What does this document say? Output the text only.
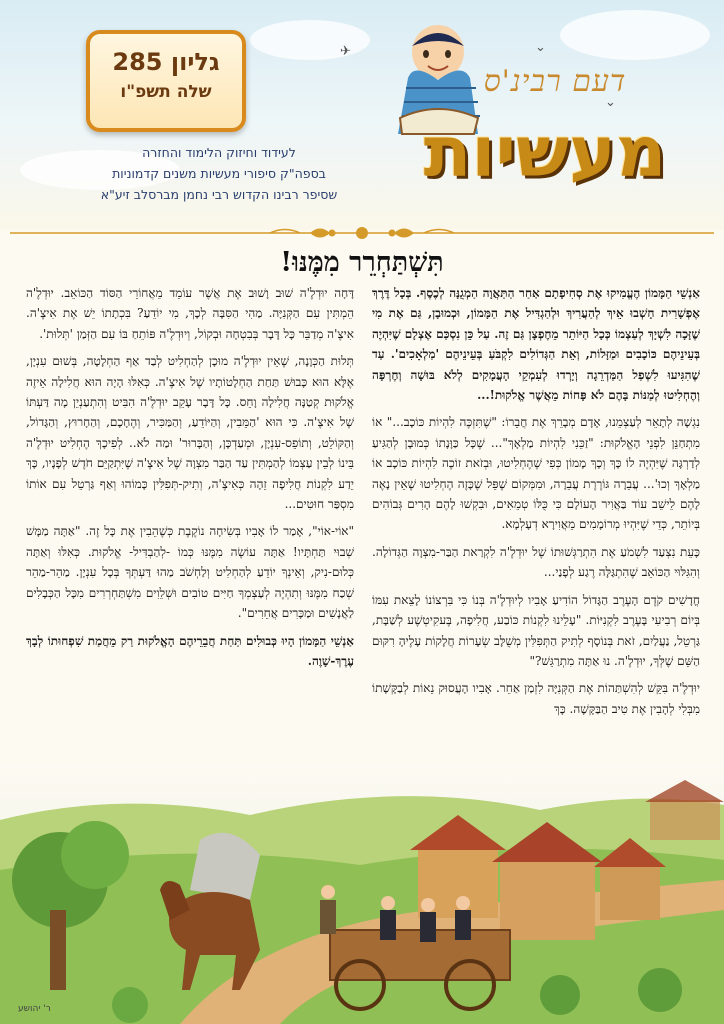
✈	⌄
⌄
גליון 285
שלה תשפ"ו	דעם רבינ'ס
מעשיות
לעידוד וחיזוק הלימוד והחזרה
בספה"ק סיפורי מעשיות משנים קדמוניות
שסיפר רבינו הקדוש רבי נחמן מברסלב זיע"א
תִּשְׁתַּחְרֵר מִמֶּנּוּ!

אַנְשֵׁי הַמָּמוֹן הֶעֱמִיקוּ אֶת סְחִיפָתָם אַחַר הַתַּאֲוָה הַמְגֻנָּה לְכֶסֶף. בְּכָל דֶּרֶךְ אֶפְשָׁרִית חָשְׁבוּ אֵיךְ לְהַעֲרִיךְ וּלְהַגְדִּיל אֶת הַמָּמוֹן, וּכְמוּבָן, גַּם אֶת מִי שֶׁזָּכָה לִשְׁיָךְ לְעַצְמוֹ כְּכָל הַיּוֹתֵר מֵחֶפְצָן גַּם זֶה. עַל כֵּן נִסְכַּם אֶצְלָם שֶׁיִּהְיֶה בְּעֵינֵיהֶם כּוֹכָבִים וּמַזָּלוֹת, וְאֵת הַגְּדוֹלִים לִקְבֹּעַ בְּעֵינֵיהֶם 'מַלְאָכִים'. עַד שֶׁהִגִּיעוּ לִשְׁפַל הַמַּדְרֵגָה וְיָרְדוּ לְעִמְקֵי הָעֲמָקִים לְלֹא בּוּשָׁה וְחֶרְפָּה וְהֶחְלִיטוּ לְמַנּוֹת בָּהֶם לֹא פָּחוֹת מֵאֲשֶׁר אֱלֹקוּת!...

נִגְשָׁה לְתָאֵר לְעַצְמֵנוּ, אָדָם מְבָרֵךְ אֶת חֲבֵרוֹ: "שֶׁתִּזְכֶּה לִהְיוֹת כּוֹכָב..." אוֹ מִתְחַנֵּן לִפְנֵי הָאֱלֹקוּת: "זַכֵּנִי לִהְיוֹת מַלְאָךְ"... שֶׁכָּל כַּוָּנָתוֹ כְּמוּבָן לְהַגִּיעַ לְדַרְגָּה שֶׁיִּהְיֶה לוֹ כָּךְ וְכָךְ מָמוֹן כְּפִי שֶׁהֶחְלִיטוּ, וּבְזֹאת זוֹכֶה לִהְיוֹת כּוֹכָב אוֹ מַלְאָךְ וְכוּ'... עֲבֵרָה גּוֹרֶרֶת עֲבֵרָה, וּמִמְּקוֹם שֶׁפֵּל שֶׁכָּזֶה הֶחְלִיטוּ שֶׁאֵין נָאֶה לָהֶם לֵישֵׁב עוֹד בַּאֲוִיר הָעוֹלָם כִּי כֻּלּוֹ טְמֵאִים, וּבִקְשׁוּ לָהֶם הָרִים גְּבוֹהִים בְּיוֹתֵר, כְּדֵי שֶׁיִּהְיוּ מְרוֹמָמִים מֵאֲוִירָא דְעָלְמָא.

כָּעֵת נִצְעַד לִשְׁמֹעַ אֶת הִתְרַגְּשׁוּתוֹ שֶׁל יוּדְלֶ'ה לִקְרַאת הַבַּר-מִצְוָה הַגְּדוֹלָה. וְהִגִּלּוּי הַכּוֹאֵב שֶׁהִתְגַּלָּה רֶגַע לְפָנַי...

חֳדָשִׁים קֹדֶם הָעֶרֶב הַגָּדוֹל הוֹדִיעַ אָבִיו לְיוּדְלֶ'ה בְּנוֹ כִּי בִּרְצוֹנוֹ לָצֵאת עִמּוֹ בְּיוֹם רְבִיעִי בָּעֶרֶב לִקְנִיּוֹת. "עָלֵינוּ לִקְנוֹת כּוֹבַע, חֲלִיפָה, בֶּעקִיטְשֶׁע לְשַׁבָּת, גַּרְטֵל, נַעֲלַיִם, זֹאת בְּנוֹסָף לְתִיק הַתְּפִלִּין מְשֻׁלָּב שְׂעָרוֹת חֲלָקוֹת עָלֶיהָ רִקּוּם הַשֵּׁם שֶׁלְּךָ, יוּדְלֶ'ה. נוּ אַתָּה מִתְרַגֵּשׁ?"

יוּדְלֶ'ה בִּקֵּשׁ לְהִשְׁתַּהוֹת אֶת הַקְּנִיָּה לִזְמַן אַחֵר. אָבִיו הָעֲסוּק נֵאוֹת לְבַקָּשָׁתוֹ מִבְּלִי לְהָבִין אֶת טִיב הַבַּקָּשָׁה. כָּךְ

דָּחָה יוּדְלֶ'ה שׁוּב וָשׁוּב אֶת אֲשֶׁר עוֹמֵד מֵאֲחוֹרֵי הַסּוֹד הַכּוֹאֵב. יוּדְלֶ'ה הֵמְתִּין עִם הַקְּנִיָּה. מַהִי הַסִּבָּה לְכָךְ, מִי יוֹדֵעַ? בִּכְתָתוֹ יֵשׁ אֶת אִיצֶ'ה. אִיצֶ'ה מְדַבֵּר כָּל דָּבָר בְּבִטְחָה וּבְקוֹל, וְיוּדְלֶ'ה פּוֹתֵחַ בּוֹ עִם הַזְּמַן 'תְּלוּת'.

תְּלוּת הַכְּוָנָה, שֶׁאֵין יוּדְלֶ'ה מוּכָן לְהַחְלִיט לְבַד אַף הַחְלָטָה, בְּשׁוּם עִנְיָן, אֶלָּא הוּא כָּבוּשׁ תַּחַת הַחְלָטוֹתָיו שֶׁל אִיצֶ'ה. כְּאִלּוּ הָיָה הוּא חֲלִילָה אֵיזֶה אֱלֹקוּת קְטַנָּה חֲלִילָה וָחֵס. כָּל דָּבָר עָקֵב יוּדְלֶ'ה הִבִּיט וְהִתְעַנְיֵן מָה דַּעְתּוֹ שֶׁל אִיצֶ'ה. כִּי הוּא 'הַמֵּבִין, וְהַיּוֹדֵעַ, וְהַמַּכִּיר, וְהֶחָכָם, וְהַחָרוּץ, וְהַגָּדוֹל, וְהַקּוֹלֵט, וְתוֹפֵס-עִנְיָן, וּמְעַדְכָּן, וְהַבָּרוּר' וּמַה לֹא.. לְפִיכָךְ הֶחְלִיט יוּדְלֶ'ה בֵּינוֹ לְבֵין עַצְמוֹ לְהַמְתִּין עַד הַבַּר מִצְוָה שֶׁל אִיצֶ'ה שֶׁיִּתְקַיֵּם חֹדֶשׁ לְפָנָיו, כָּךְ יֵדַע לִקְנוֹת חֲלִיפָה זֵהָה כְּאִיצֶ'ה, וְתִיק-תְּפִלִּין כָּמוֹהוּ וְאַף גַּרְטֵל עִם אוֹתוֹ מִסְפַּר חוּטִים...

"אוֹי-אוֹי", אָמַר לוֹ אָבִיו בְּשִׂיחָה נוֹקֶבֶת כְּשֶׁהֵבִין אֶת כָּל זֶה. "אַתָּה מַמָּשׁ שְׁבוּי תַּחְתָּיו! אַתָּה עוֹשֶׂה מִמֶּנּוּ כְּמוֹ -לְהַבְדִּיל- אֱלֹקוּת. כְּאִלּוּ וְאַתָּה כְּלוּם-נִיק, וְאֵינְךָ יוֹדֵעַ לְהַחְלִיט וְלַחְשֹׁב מַהוּ דַּעְתְּךָ בְּכָל עִנְיָן. מַהֵר-מַהֵר שְׁכַח מִמֶּנּוּ וְתִהְיֶה לְעַצְמְךָ חַיִּים טוֹבִים וּשְׁלֵוִים מִשְׁתַּחְרְרִים מִכָּל הַכְּבָלִים לַאֲנָשִׁים וּמַכָּרִים אֲחֵרִים".

אַנְשֵׁי הַמָּמוֹן הָיוּ כְּבוּלִים תַּחַת חֲבֵרֵיהֶם הָאֱלֹקוּת רַק מֵחֲמַת שִׁפְחוּתוֹ לְבָךְ עֶרֶךְ-שָׁוֶה.

ר' יהושע
